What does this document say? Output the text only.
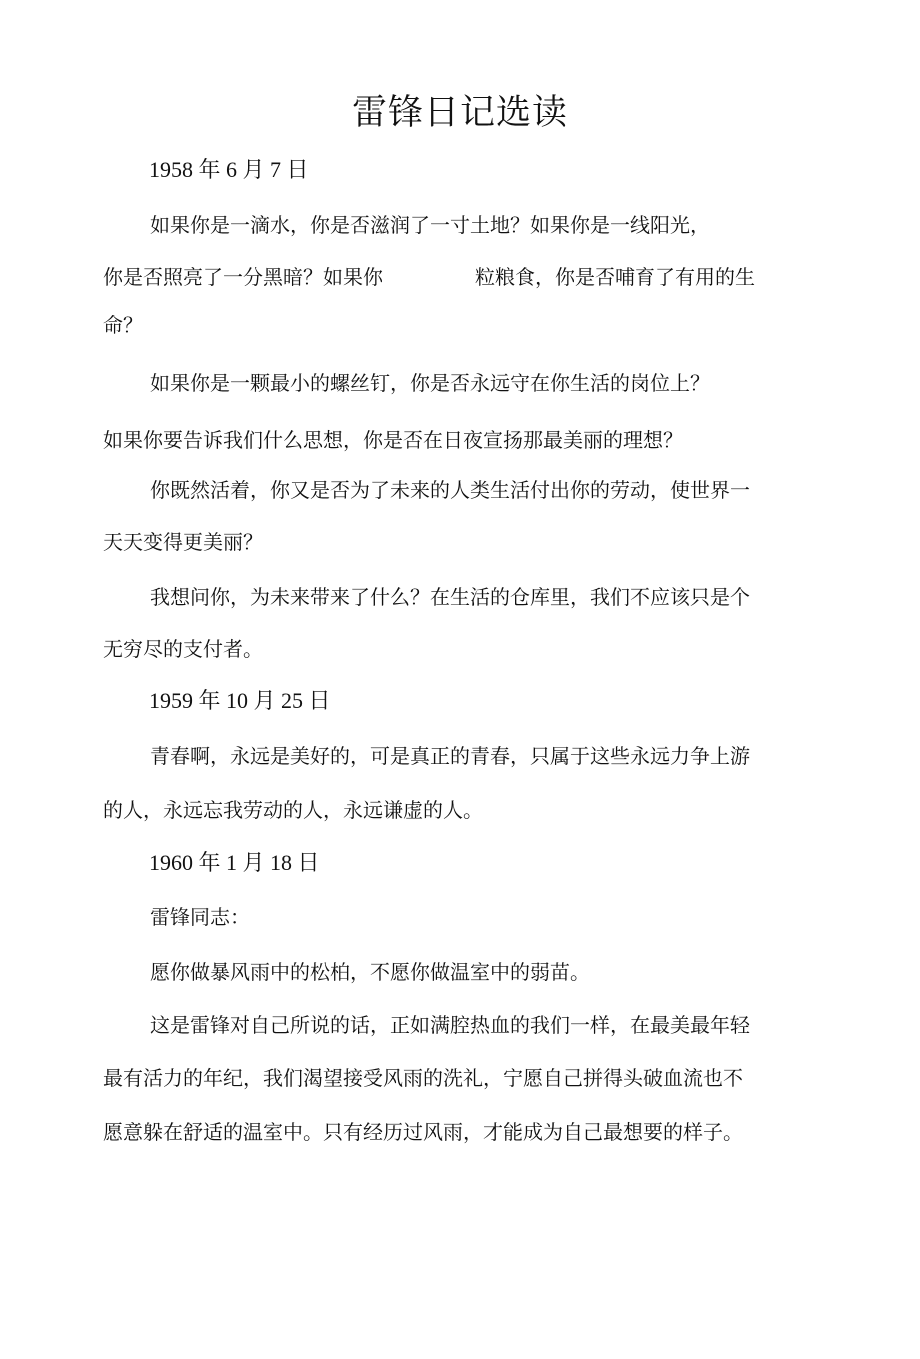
雷锋日记选读
1958 年 6 月 7 日
如果你是一滴水，你是否滋润了一寸土地？如果你是一线阳光，
你是否照亮了一分黑暗？如果你	粒粮食，你是否哺育了有用的生
命？
如果你是一颗最小的螺丝钉，你是否永远守在你生活的岗位上？
如果你要告诉我们什么思想，你是否在日夜宣扬那最美丽的理想？
你既然活着，你又是否为了未来的人类生活付出你的劳动，使世界一
天天变得更美丽？
我想问你，为未来带来了什么？在生活的仓库里，我们不应该只是个
无穷尽的支付者。
1959 年 10 月 25 日
青春啊，永远是美好的，可是真正的青春，只属于这些永远力争上游
的人，永远忘我劳动的人，永远谦虚的人。
1960 年 1 月 18 日
雷锋同志：
愿你做暴风雨中的松柏，不愿你做温室中的弱苗。
这是雷锋对自己所说的话，正如满腔热血的我们一样，在最美最年轻
最有活力的年纪，我们渴望接受风雨的洗礼，宁愿自己拼得头破血流也不
愿意躲在舒适的温室中。只有经历过风雨，才能成为自己最想要的样子。
